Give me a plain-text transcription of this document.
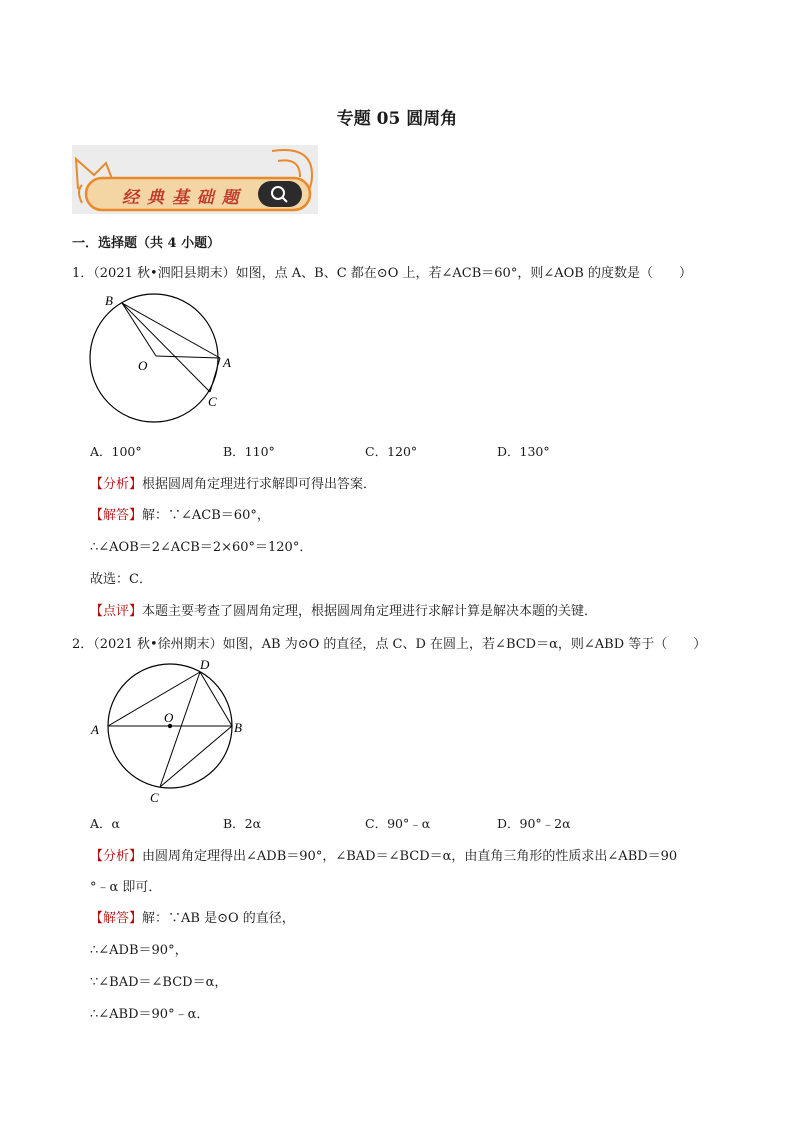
专题 05 圆周角
经 典 基 础 题
一．选择题（共 4 小题）
1．（2021 秋•泗阳县期末）如图，点 A、B、C 都在⊙O 上，若∠ACB＝60°，则∠AOB 的度数是（　　）
B
O	A
C
A．100°	B．110°	C．120°	D．130°
【分析】根据圆周角定理进行求解即可得出答案．
【解答】解：∵∠ACB＝60°，
∴∠AOB＝2∠ACB＝2×60°＝120°．
故选：C．
【点评】本题主要考查了圆周角定理，根据圆周角定理进行求解计算是解决本题的关键．
2．（2021 秋•徐州期末）如图，AB 为⊙O 的直径，点 C、D 在圆上，若∠BCD＝α，则∠ABD 等于（　　）
D
O
A	B
C
A．α	B．2α	C．90°﹣α	D．90°﹣2α
【分析】由圆周角定理得出∠ADB＝90°，∠BAD＝∠BCD＝α，由直角三角形的性质求出∠ABD＝90
°﹣α 即可．
【解答】解：∵AB 是⊙O 的直径，
∴∠ADB＝90°，
∵∠BAD＝∠BCD＝α，
∴∠ABD＝90°﹣α．
